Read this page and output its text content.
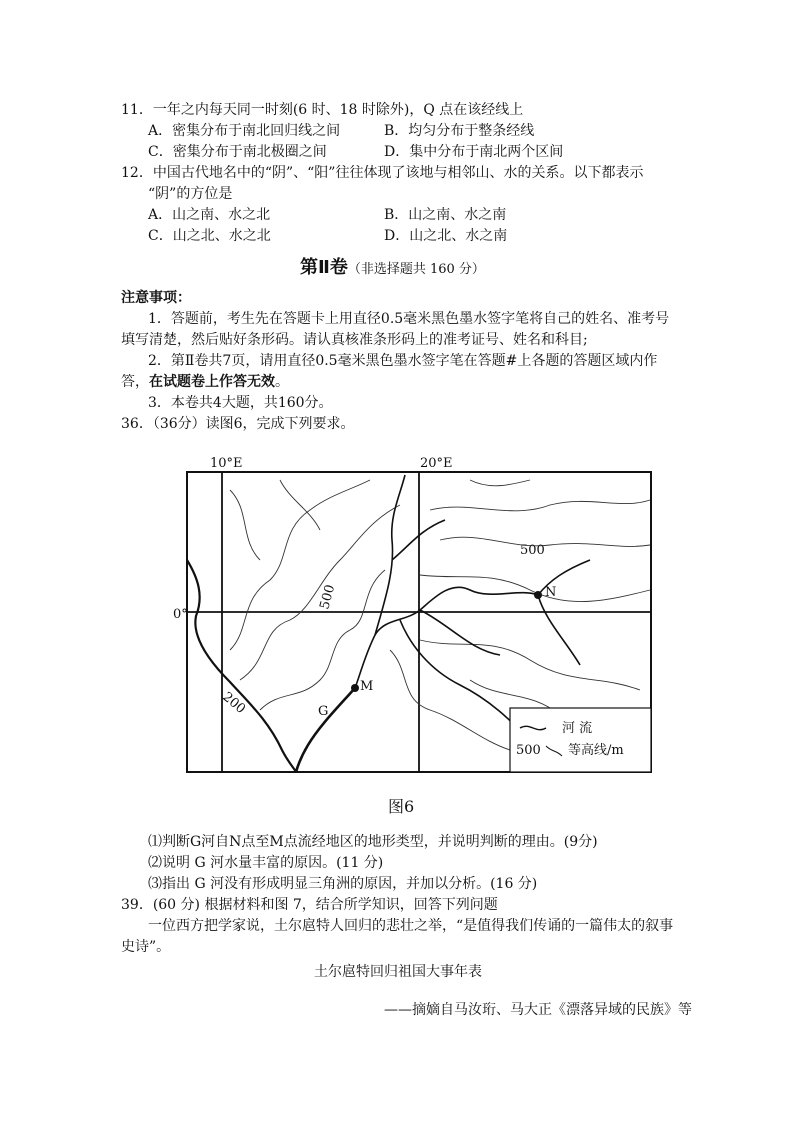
11．一年之内每天同一时刻(6 时、18 时除外)，Q 点在该经线上
A．密集分布于南北回归线之间	B．均匀分布于整条经线
C．密集分布于南北极圈之间	D．集中分布于南北两个区间
12．中国古代地名中的“阴”、“阳”往往体现了该地与相邻山、水的关系。以下都表示
“阴”的方位是
A．山之南、水之北	B．山之南、水之南
C．山之北、水之北	D．山之北、水之南
第Ⅱ卷（非选择题共 160 分）
注意事项：
1．答题前，考生先在答题卡上用直径0.5毫米黑色墨水签字笔将自己的姓名、准考号
填写清楚，然后贴好条形码。请认真核准条形码上的准考证号、姓名和科目;
2．第Ⅱ卷共7页，请用直径0.5毫米黑色墨水签字笔在答题#上各题的答题区域内作
答，在试题卷上作答无效。
3．本卷共4大题，共160分。
36．（36分）读图6，完成下列要求。
10°E	20°E
0°
500
500
200
N
M
G
河 流
500 等高线/m
图6
⑴判断G河自N点至M点流经地区的地形类型，并说明判断的理由。(9分)
⑵说明 G 河水量丰富的原因。(11 分)
⑶指出 G 河没有形成明显三角洲的原因，并加以分析。(16 分)
39．(60 分) 根据材料和图 7，结合所学知识，回答下列问题
一位西方把学家说，土尔扈特人回归的悲壮之举，“是值得我们传诵的一篇伟太的叙事
史诗”。
土尔扈特回归祖国大事年表
——摘嫡自马汝珩、马大正《漂落异域的民族》等
